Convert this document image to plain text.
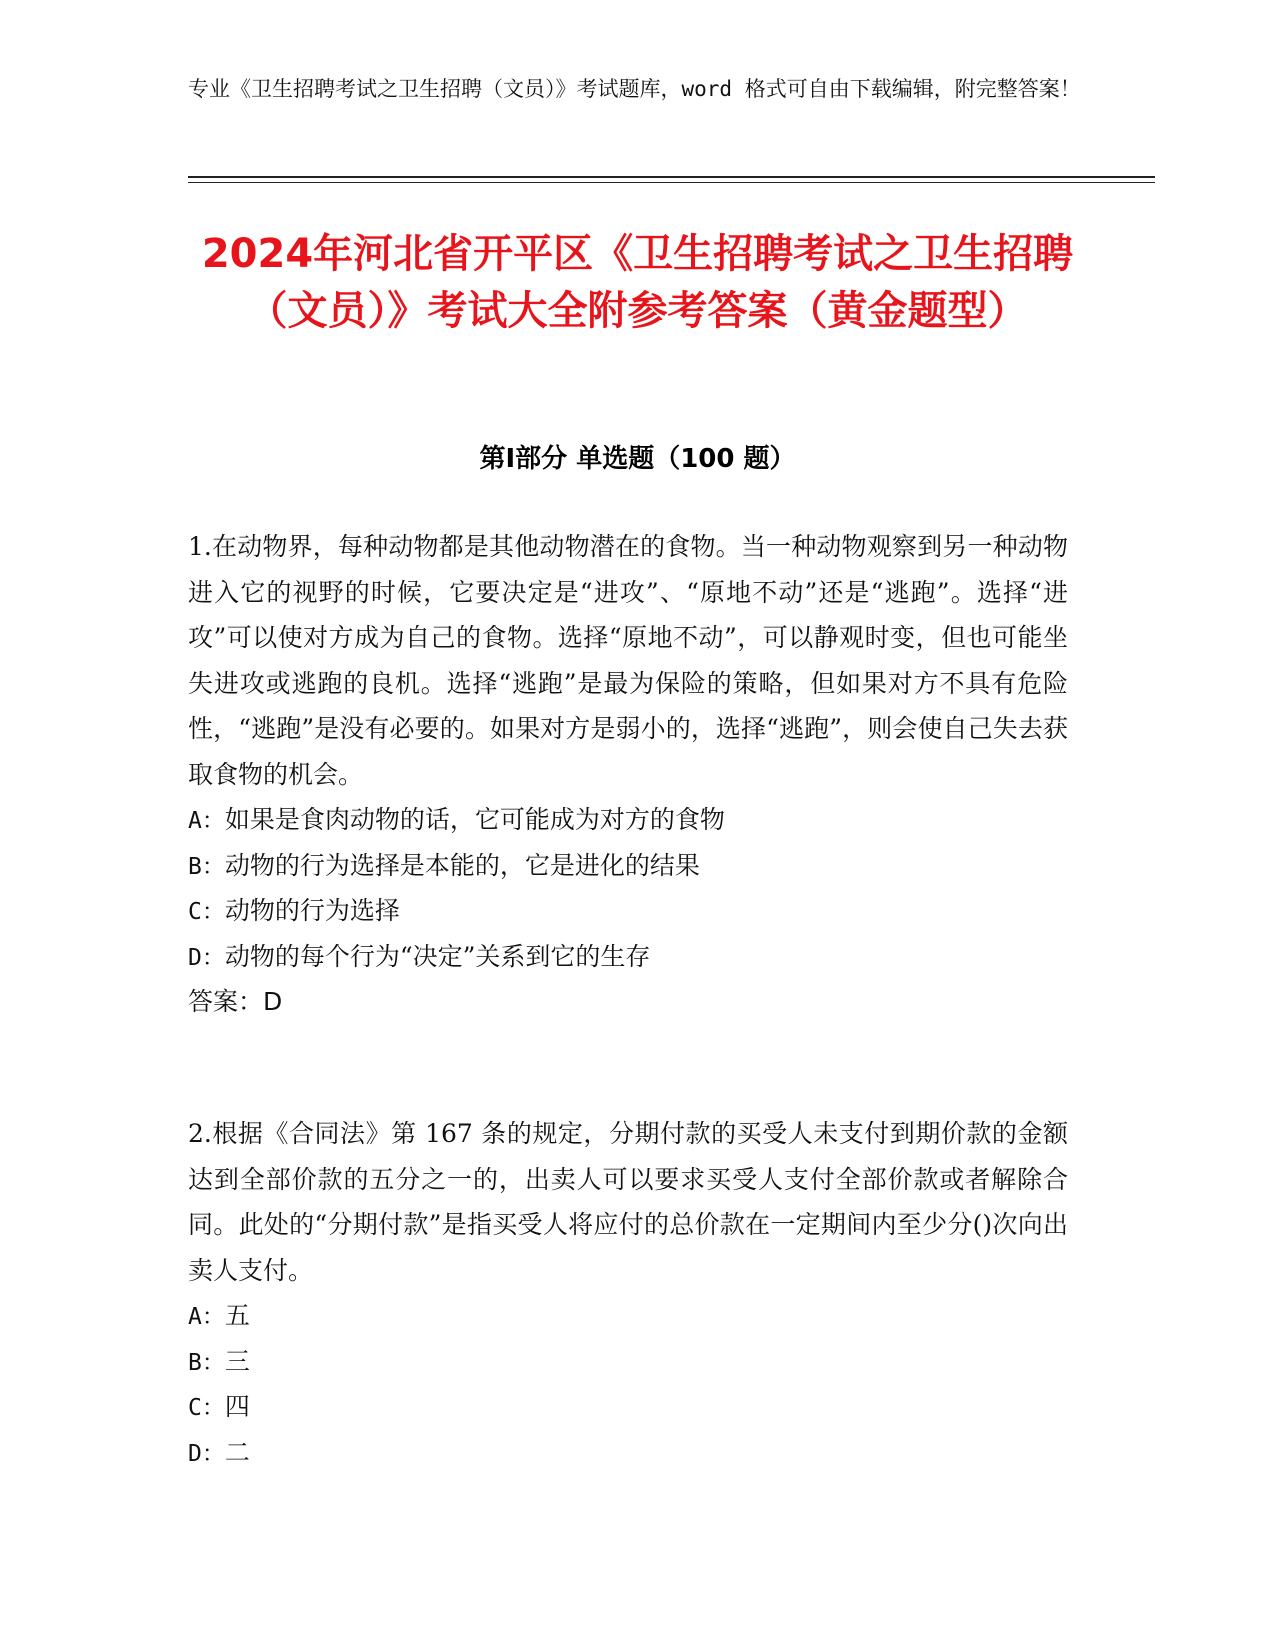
专业《卫生招聘考试之卫生招聘（文员）》考试题库，word 格式可自由下载编辑，附完整答案！
2024年河北省开平区《卫生招聘考试之卫生招聘（文员）》考试大全附参考答案（黄金题型）
第Ⅰ部分 单选题（100 题）
1.在动物界，每种动物都是其他动物潜在的食物。当一种动物观察到另一种动物进入它的视野的时候，它要决定是“进攻”、“原地不动”还是“逃跑”。选择“进攻”可以使对方成为自己的食物。选择“原地不动”，可以静观时变，但也可能坐失进攻或逃跑的良机。选择“逃跑”是最为保险的策略，但如果对方不具有危险性，“逃跑”是没有必要的。如果对方是弱小的，选择“逃跑”，则会使自己失去获取食物的机会。
A：如果是食肉动物的话，它可能成为对方的食物
B：动物的行为选择是本能的，它是进化的结果
C：动物的行为选择
D：动物的每个行为“决定”关系到它的生存
答案：D
2.根据《合同法》第 167 条的规定，分期付款的买受人未支付到期价款的金额达到全部价款的五分之一的，出卖人可以要求买受人支付全部价款或者解除合同。此处的“分期付款”是指买受人将应付的总价款在一定期间内至少分()次向出卖人支付。
A：五
B：三
C：四
D：二
